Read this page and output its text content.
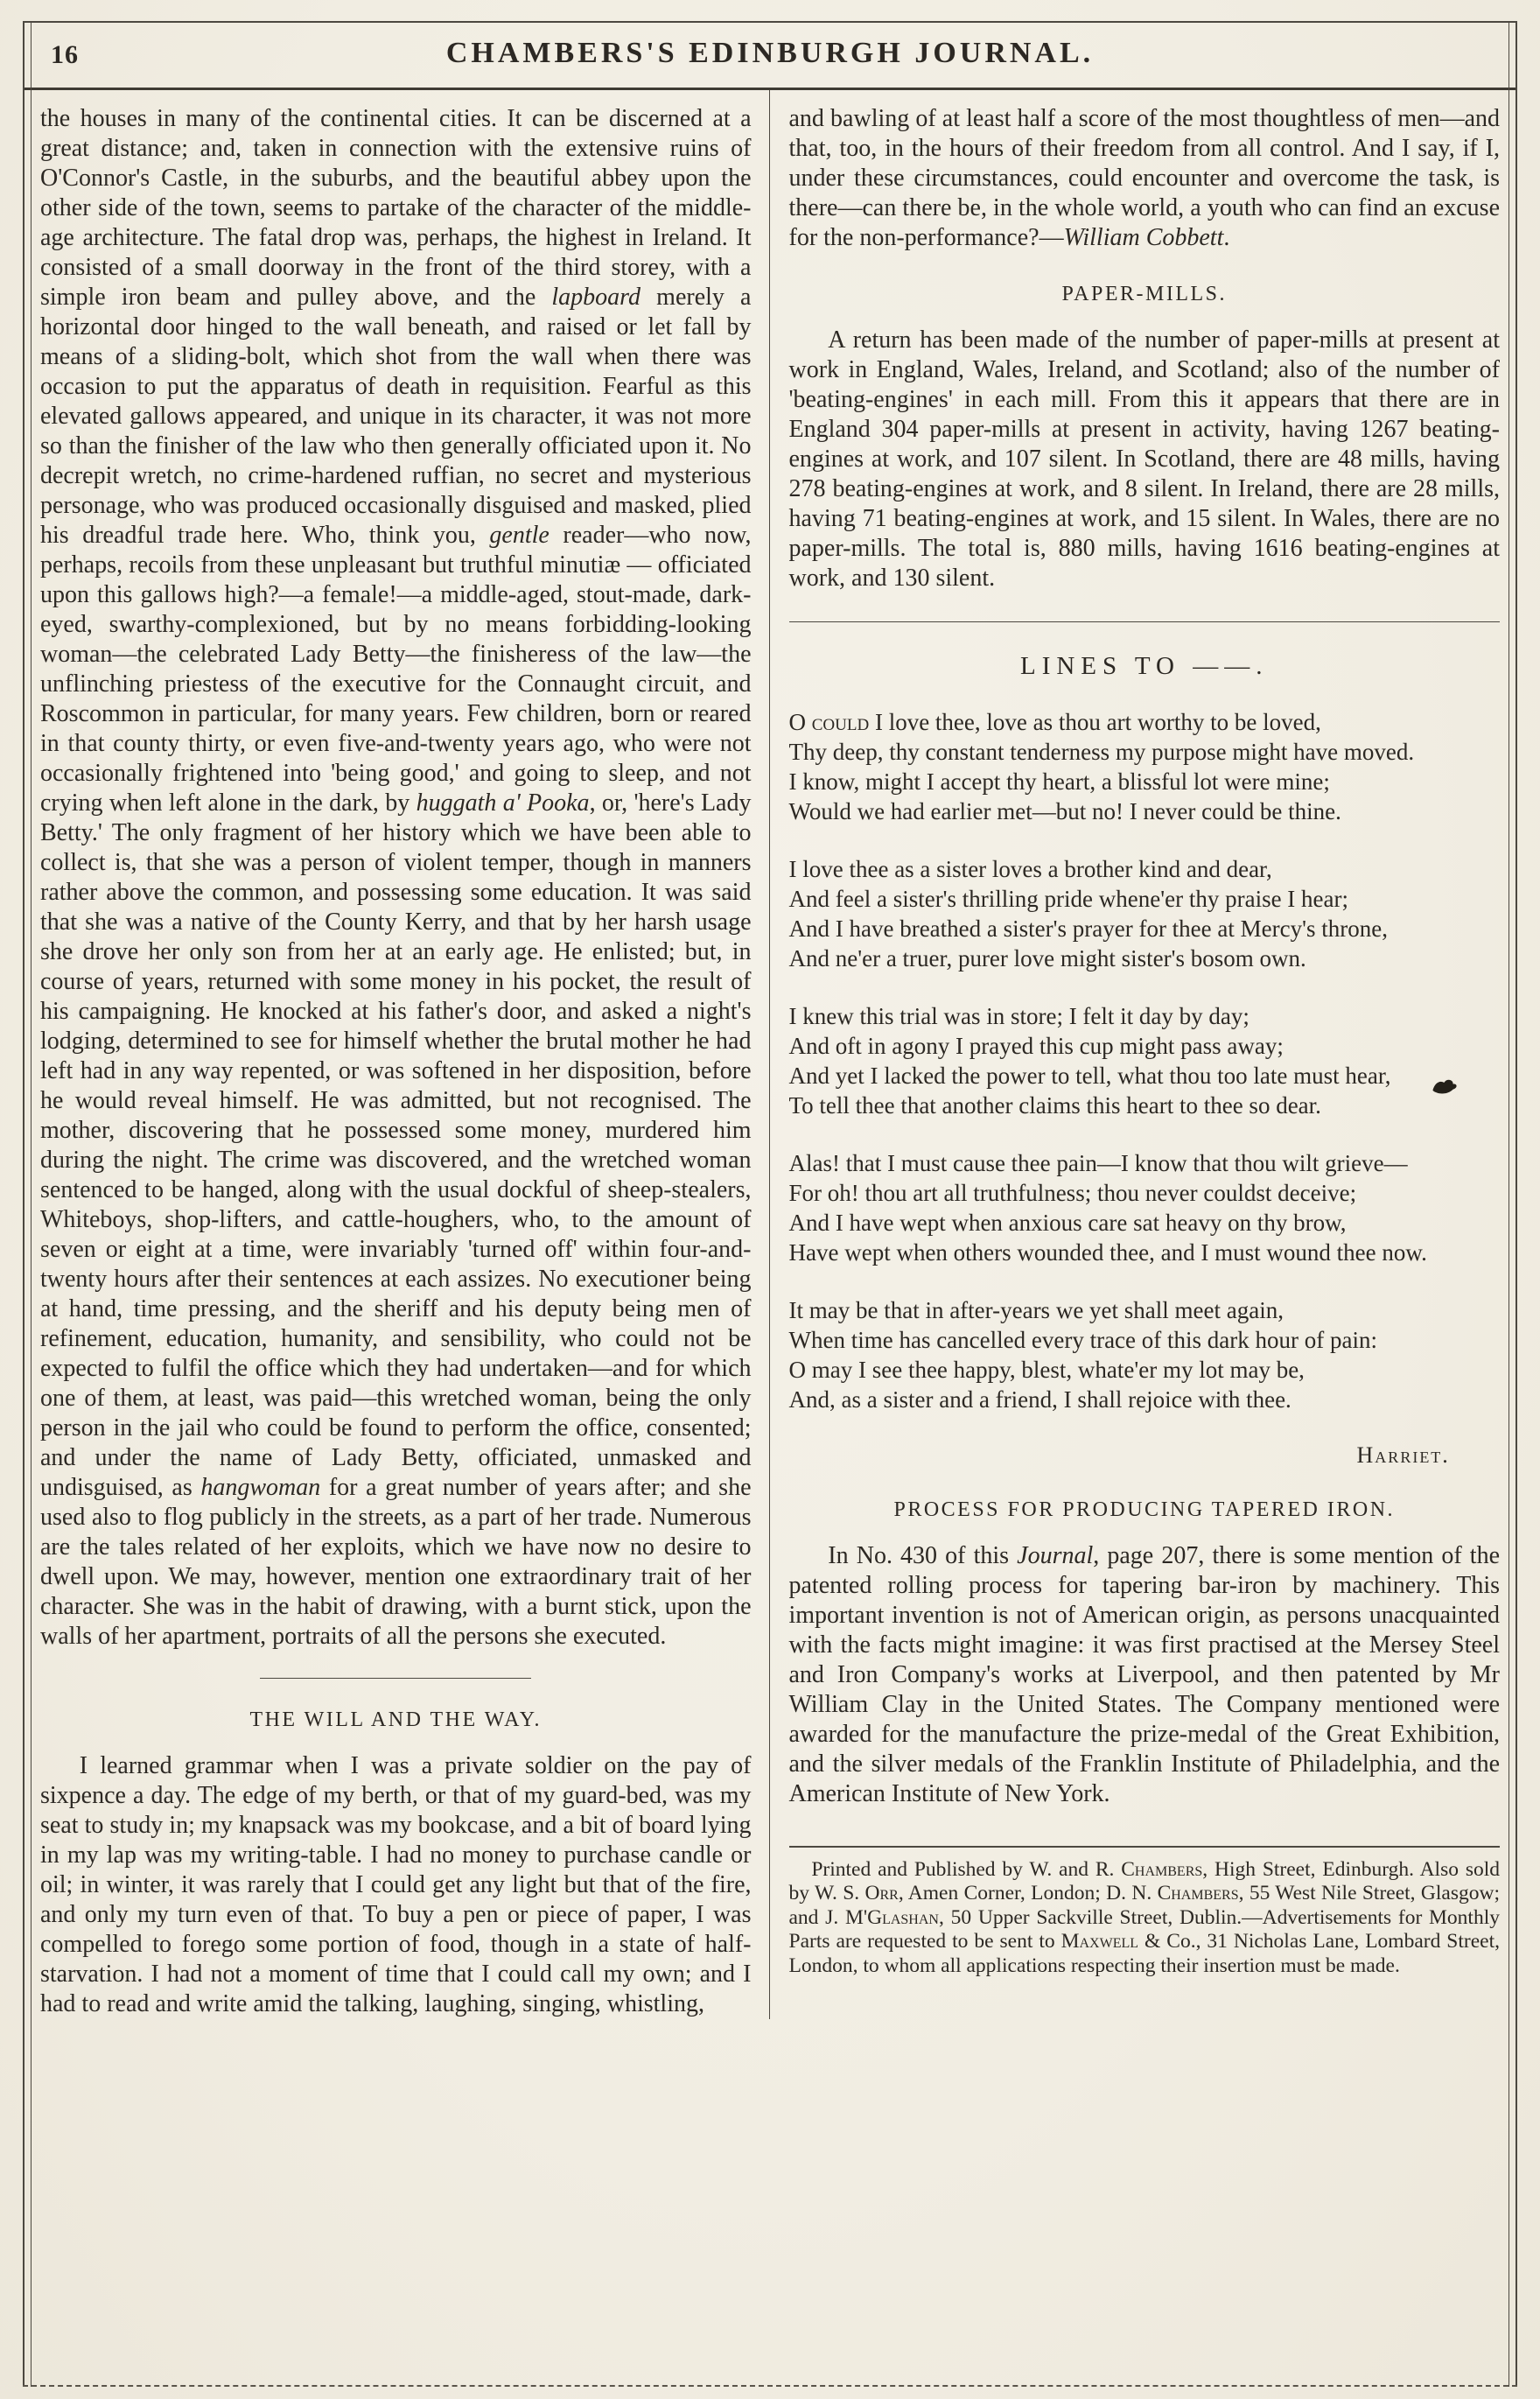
16	CHAMBERS'S EDINBURGH JOURNAL.

the houses in many of the continental cities. It can be discerned at a great distance; and, taken in connection with the extensive ruins of O'Connor's Castle, in the suburbs, and the beautiful abbey upon the other side of the town, seems to partake of the character of the middle-age architecture. The fatal drop was, perhaps, the highest in Ireland. It consisted of a small doorway in the front of the third storey, with a simple iron beam and pulley above, and the lapboard merely a horizontal door hinged to the wall beneath, and raised or let fall by means of a sliding-bolt, which shot from the wall when there was occasion to put the apparatus of death in requisition. Fearful as this elevated gallows appeared, and unique in its character, it was not more so than the finisher of the law who then generally officiated upon it. No decrepit wretch, no crime-hardened ruffian, no secret and mysterious personage, who was produced occasionally disguised and masked, plied his dreadful trade here. Who, think you, gentle reader—who now, perhaps, recoils from these unpleasant but truthful minutiæ — officiated upon this gallows high?—a female!—a middle-aged, stout-made, dark-eyed, swarthy-complexioned, but by no means forbidding-looking woman—the celebrated Lady Betty—the finisheress of the law—the unflinching priestess of the executive for the Connaught circuit, and Roscommon in particular, for many years. Few children, born or reared in that county thirty, or even five-and-twenty years ago, who were not occasionally frightened into 'being good,' and going to sleep, and not crying when left alone in the dark, by huggath a' Pooka, or, 'here's Lady Betty.' The only fragment of her history which we have been able to collect is, that she was a person of violent temper, though in manners rather above the common, and possessing some education. It was said that she was a native of the County Kerry, and that by her harsh usage she drove her only son from her at an early age. He enlisted; but, in course of years, returned with some money in his pocket, the result of his campaigning. He knocked at his father's door, and asked a night's lodging, determined to see for himself whether the brutal mother he had left had in any way repented, or was softened in her disposition, before he would reveal himself. He was admitted, but not recognised. The mother, discovering that he possessed some money, murdered him during the night. The crime was discovered, and the wretched woman sentenced to be hanged, along with the usual dockful of sheep-stealers, Whiteboys, shop-lifters, and cattle-houghers, who, to the amount of seven or eight at a time, were invariably 'turned off' within four-and-twenty hours after their sentences at each assizes. No executioner being at hand, time pressing, and the sheriff and his deputy being men of refinement, education, humanity, and sensibility, who could not be expected to fulfil the office which they had undertaken—and for which one of them, at least, was paid—this wretched woman, being the only person in the jail who could be found to perform the office, consented; and under the name of Lady Betty, officiated, unmasked and undisguised, as hangwoman for a great number of years after; and she used also to flog publicly in the streets, as a part of her trade. Numerous are the tales related of her exploits, which we have now no desire to dwell upon. We may, however, mention one extraordinary trait of her character. She was in the habit of drawing, with a burnt stick, upon the walls of her apartment, portraits of all the persons she executed.

THE WILL AND THE WAY.

I learned grammar when I was a private soldier on the pay of sixpence a day. The edge of my berth, or that of my guard-bed, was my seat to study in; my knapsack was my bookcase, and a bit of board lying in my lap was my writing-table. I had no money to purchase candle or oil; in winter, it was rarely that I could get any light but that of the fire, and only my turn even of that. To buy a pen or piece of paper, I was compelled to forego some portion of food, though in a state of half-starvation. I had not a moment of time that I could call my own; and I had to read and write amid the talking, laughing, singing, whistling,

and bawling of at least half a score of the most thoughtless of men—and that, too, in the hours of their freedom from all control. And I say, if I, under these circumstances, could encounter and overcome the task, is there—can there be, in the whole world, a youth who can find an excuse for the non-performance?—William Cobbett.

PAPER-MILLS.

A return has been made of the number of paper-mills at present at work in England, Wales, Ireland, and Scotland; also of the number of 'beating-engines' in each mill. From this it appears that there are in England 304 paper-mills at present in activity, having 1267 beating-engines at work, and 107 silent. In Scotland, there are 48 mills, having 278 beating-engines at work, and 8 silent. In Ireland, there are 28 mills, having 71 beating-engines at work, and 15 silent. In Wales, there are no paper-mills. The total is, 880 mills, having 1616 beating-engines at work, and 130 silent.

LINES TO ——.
O could I love thee, love as thou art worthy to be loved,
Thy deep, thy constant tenderness my purpose might have moved.
I know, might I accept thy heart, a blissful lot were mine;
Would we had earlier met—but no! I never could be thine.
I love thee as a sister loves a brother kind and dear,
And feel a sister's thrilling pride whene'er thy praise I hear;
And I have breathed a sister's prayer for thee at Mercy's throne,
And ne'er a truer, purer love might sister's bosom own.
I knew this trial was in store; I felt it day by day;
And oft in agony I prayed this cup might pass away;
And yet I lacked the power to tell, what thou too late must hear,
To tell thee that another claims this heart to thee so dear.
Alas! that I must cause thee pain—I know that thou wilt grieve—
For oh! thou art all truthfulness; thou never couldst deceive;
And I have wept when anxious care sat heavy on thy brow,
Have wept when others wounded thee, and I must wound thee now.
It may be that in after-years we yet shall meet again,
When time has cancelled every trace of this dark hour of pain:
O may I see thee happy, blest, whate'er my lot may be,
And, as a sister and a friend, I shall rejoice with thee.
Harriet.
PROCESS FOR PRODUCING TAPERED IRON.

In No. 430 of this Journal, page 207, there is some mention of the patented rolling process for tapering bar-iron by machinery. This important invention is not of American origin, as persons unacquainted with the facts might imagine: it was first practised at the Mersey Steel and Iron Company's works at Liverpool, and then patented by Mr William Clay in the United States. The Company mentioned were awarded for the manufacture the prize-medal of the Great Exhibition, and the silver medals of the Franklin Institute of Philadelphia, and the American Institute of New York.

Printed and Published by W. and R. Chambers, High Street, Edinburgh. Also sold by W. S. Orr, Amen Corner, London; D. N. Chambers, 55 West Nile Street, Glasgow; and J. M'Glashan, 50 Upper Sackville Street, Dublin.—Advertisements for Monthly Parts are requested to be sent to Maxwell & Co., 31 Nicholas Lane, Lombard Street, London, to whom all applications respecting their insertion must be made.
